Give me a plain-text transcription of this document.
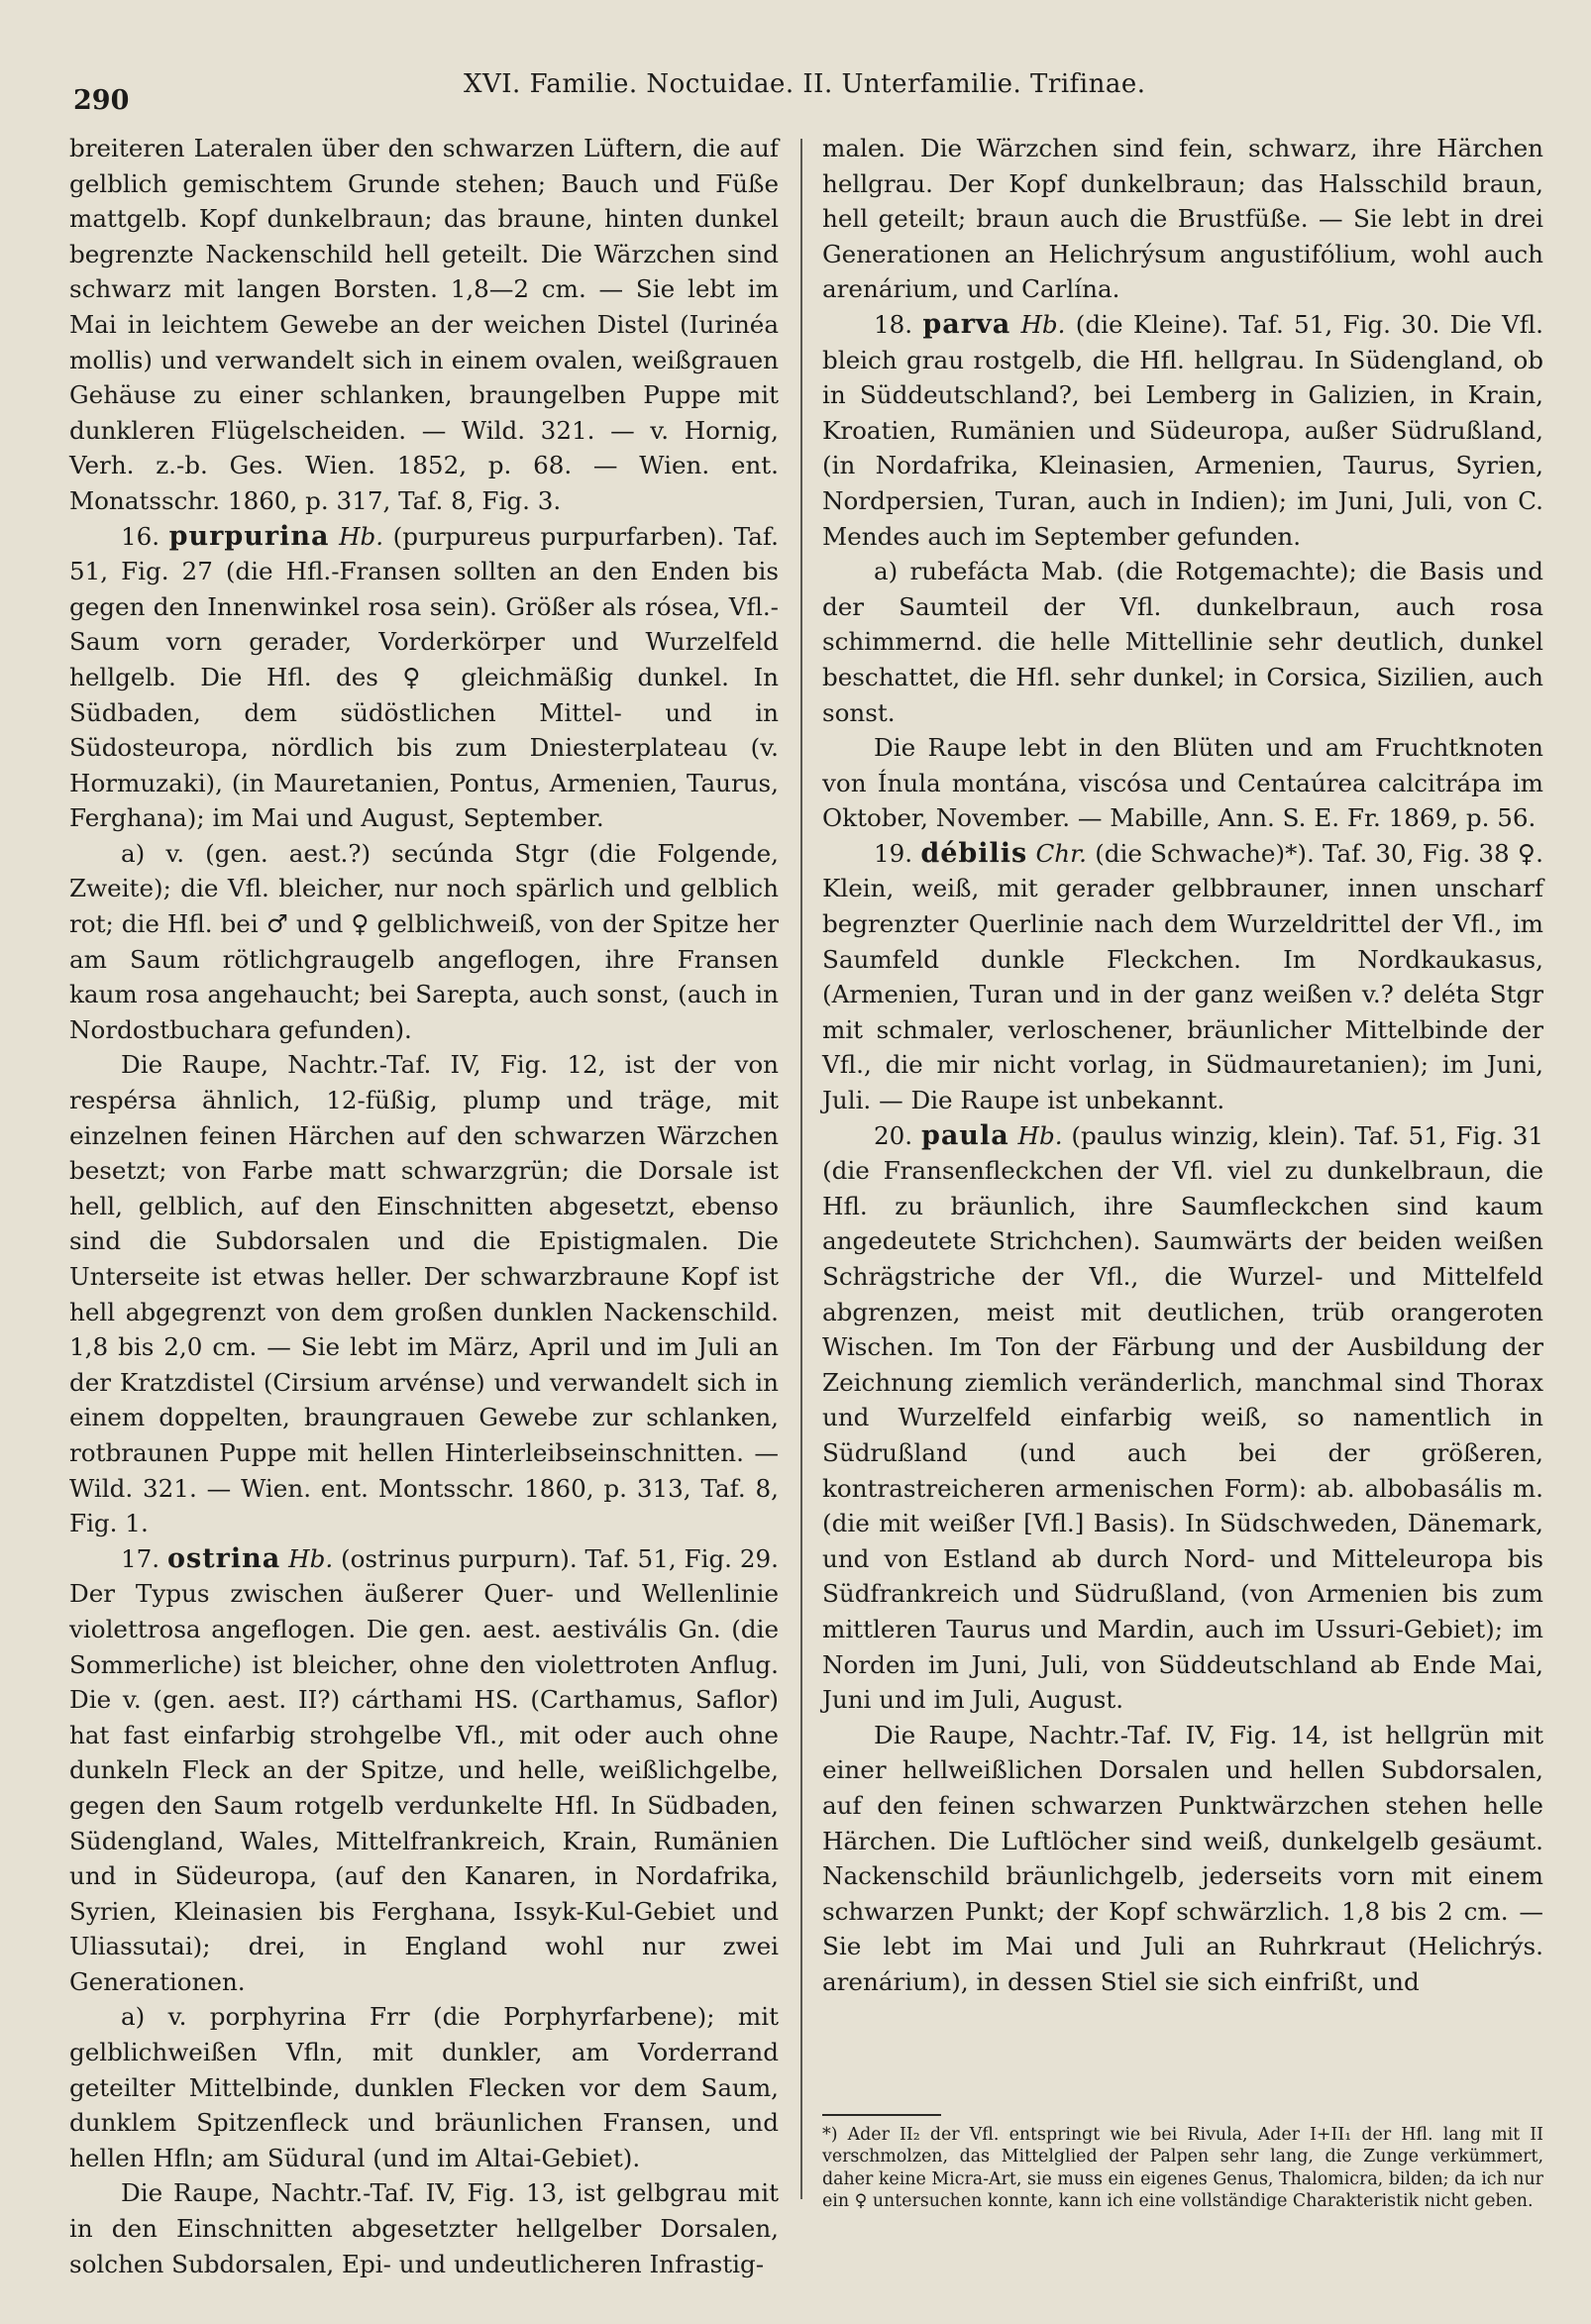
290
XVI. Familie. Noctuidae. II. Unterfamilie. Trifinae.

breiteren Lateralen über den schwarzen Lüftern, die auf gelblich gemischtem Grunde stehen; Bauch und Füße mattgelb. Kopf dunkelbraun; das braune, hinten dunkel begrenzte Nackenschild hell geteilt. Die Wärzchen sind schwarz mit langen Borsten. 1,8—2 cm. — Sie lebt im Mai in leichtem Gewebe an der weichen Distel (Iurinéa mollis) und verwandelt sich in einem ovalen, weißgrauen Gehäuse zu einer schlanken, braungelben Puppe mit dunkleren Flügelscheiden. — Wild. 321. — v. Hornig, Verh. z.-b. Ges. Wien. 1852, p. 68. — Wien. ent. Monatsschr. 1860, p. 317, Taf. 8, Fig. 3.

16. purpurina Hb. (purpureus purpurfarben). Taf. 51, Fig. 27 (die Hfl.-Fransen sollten an den Enden bis gegen den Innenwinkel rosa sein). Größer als rósea, Vfl.-Saum vorn gerader, Vorderkörper und Wurzelfeld hellgelb. Die Hfl. des ♀ gleichmäßig dunkel. In Südbaden, dem südöstlichen Mittel- und in Südosteuropa, nördlich bis zum Dniesterplateau (v. Hormuzaki), (in Mauretanien, Pontus, Armenien, Taurus, Ferghana); im Mai und August, September.

a) v. (gen. aest.?) secúnda Stgr (die Folgende, Zweite); die Vfl. bleicher, nur noch spärlich und gelblich rot; die Hfl. bei ♂ und ♀ gelblichweiß, von der Spitze her am Saum rötlichgraugelb angeflogen, ihre Fransen kaum rosa angehaucht; bei Sarepta, auch sonst, (auch in Nordostbuchara gefunden).

Die Raupe, Nachtr.-Taf. IV, Fig. 12, ist der von respérsa ähnlich, 12-füßig, plump und träge, mit einzelnen feinen Härchen auf den schwarzen Wärzchen besetzt; von Farbe matt schwarzgrün; die Dorsale ist hell, gelblich, auf den Einschnitten abgesetzt, ebenso sind die Subdorsalen und die Epistigmalen. Die Unterseite ist etwas heller. Der schwarzbraune Kopf ist hell abgegrenzt von dem großen dunklen Nackenschild. 1,8 bis 2,0 cm. — Sie lebt im März, April und im Juli an der Kratzdistel (Cirsium arvénse) und verwandelt sich in einem doppelten, braungrauen Gewebe zur schlanken, rotbraunen Puppe mit hellen Hinterleibseinschnitten. — Wild. 321. — Wien. ent. Montsschr. 1860, p. 313, Taf. 8, Fig. 1.

17. ostrina Hb. (ostrinus purpurn). Taf. 51, Fig. 29. Der Typus zwischen äußerer Quer- und Wellenlinie violettrosa angeflogen. Die gen. aest. aestivális Gn. (die Sommerliche) ist bleicher, ohne den violettroten Anflug. Die v. (gen. aest. II?) cárthami HS. (Carthamus, Saflor) hat fast einfarbig strohgelbe Vfl., mit oder auch ohne dunkeln Fleck an der Spitze, und helle, weißlichgelbe, gegen den Saum rotgelb verdunkelte Hfl. In Südbaden, Südengland, Wales, Mittelfrankreich, Krain, Rumänien und in Südeuropa, (auf den Kanaren, in Nordafrika, Syrien, Kleinasien bis Ferghana, Issyk-Kul-Gebiet und Uliassutai); drei, in England wohl nur zwei Generationen.

a) v. porphyrina Frr (die Porphyrfarbene); mit gelblichweißen Vfln, mit dunkler, am Vorderrand geteilter Mittelbinde, dunklen Flecken vor dem Saum, dunklem Spitzenfleck und bräunlichen Fransen, und hellen Hfln; am Südural (und im Altai-Gebiet).

Die Raupe, Nachtr.-Taf. IV, Fig. 13, ist gelbgrau mit in den Einschnitten abgesetzter hellgelber Dorsalen, solchen Subdorsalen, Epi- und undeutlicheren Infrastig-

malen. Die Wärzchen sind fein, schwarz, ihre Härchen hellgrau. Der Kopf dunkelbraun; das Halsschild braun, hell geteilt; braun auch die Brustfüße. — Sie lebt in drei Generationen an Helichrýsum angustifólium, wohl auch arenárium, und Carlína.

18. parva Hb. (die Kleine). Taf. 51, Fig. 30. Die Vfl. bleich grau rostgelb, die Hfl. hellgrau. In Südengland, ob in Süddeutschland?, bei Lemberg in Galizien, in Krain, Kroatien, Rumänien und Südeuropa, außer Südrußland, (in Nordafrika, Kleinasien, Armenien, Taurus, Syrien, Nordpersien, Turan, auch in Indien); im Juni, Juli, von C. Mendes auch im September gefunden.

a) rubefácta Mab. (die Rotgemachte); die Basis und der Saumteil der Vfl. dunkelbraun, auch rosa schimmernd. die helle Mittellinie sehr deutlich, dunkel beschattet, die Hfl. sehr dunkel; in Corsica, Sizilien, auch sonst.

Die Raupe lebt in den Blüten und am Fruchtknoten von Ínula montána, viscósa und Centaúrea calcitrápa im Oktober, November. — Mabille, Ann. S. E. Fr. 1869, p. 56.

19. débilis Chr. (die Schwache)*). Taf. 30, Fig. 38 ♀. Klein, weiß, mit gerader gelbbrauner, innen unscharf begrenzter Querlinie nach dem Wurzeldrittel der Vfl., im Saumfeld dunkle Fleckchen. Im Nordkaukasus, (Armenien, Turan und in der ganz weißen v.? deléta Stgr mit schmaler, verloschener, bräunlicher Mittelbinde der Vfl., die mir nicht vorlag, in Südmauretanien); im Juni, Juli. — Die Raupe ist unbekannt.

20. paula Hb. (paulus winzig, klein). Taf. 51, Fig. 31 (die Fransenfleckchen der Vfl. viel zu dunkelbraun, die Hfl. zu bräunlich, ihre Saumfleckchen sind kaum angedeutete Strichchen). Saumwärts der beiden weißen Schrägstriche der Vfl., die Wurzel- und Mittelfeld abgrenzen, meist mit deutlichen, trüb orangeroten Wischen. Im Ton der Färbung und der Ausbildung der Zeichnung ziemlich veränderlich, manchmal sind Thorax und Wurzelfeld einfarbig weiß, so namentlich in Südrußland (und auch bei der größeren, kontrastreicheren armenischen Form): ab. albobasális m. (die mit weißer [Vfl.] Basis). In Südschweden, Dänemark, und von Estland ab durch Nord- und Mitteleuropa bis Südfrankreich und Südrußland, (von Armenien bis zum mittleren Taurus und Mardin, auch im Ussuri-Gebiet); im Norden im Juni, Juli, von Süddeutschland ab Ende Mai, Juni und im Juli, August.

Die Raupe, Nachtr.-Taf. IV, Fig. 14, ist hellgrün mit einer hellweißlichen Dorsalen und hellen Subdorsalen, auf den feinen schwarzen Punktwärzchen stehen helle Härchen. Die Luftlöcher sind weiß, dunkelgelb gesäumt. Nackenschild bräunlichgelb, jederseits vorn mit einem schwarzen Punkt; der Kopf schwärzlich. 1,8 bis 2 cm. — Sie lebt im Mai und Juli an Ruhrkraut (Helichrýs. arenárium), in dessen Stiel sie sich einfrißt, und

*) Ader II₂ der Vfl. entspringt wie bei Rivula, Ader I+II₁ der Hfl. lang mit II verschmolzen, das Mittelglied der Palpen sehr lang, die Zunge verkümmert, daher keine Micra-Art, sie muss ein eigenes Genus, Thalomicra, bilden; da ich nur ein ♀ untersuchen konnte, kann ich eine vollständige Charakteristik nicht geben.
